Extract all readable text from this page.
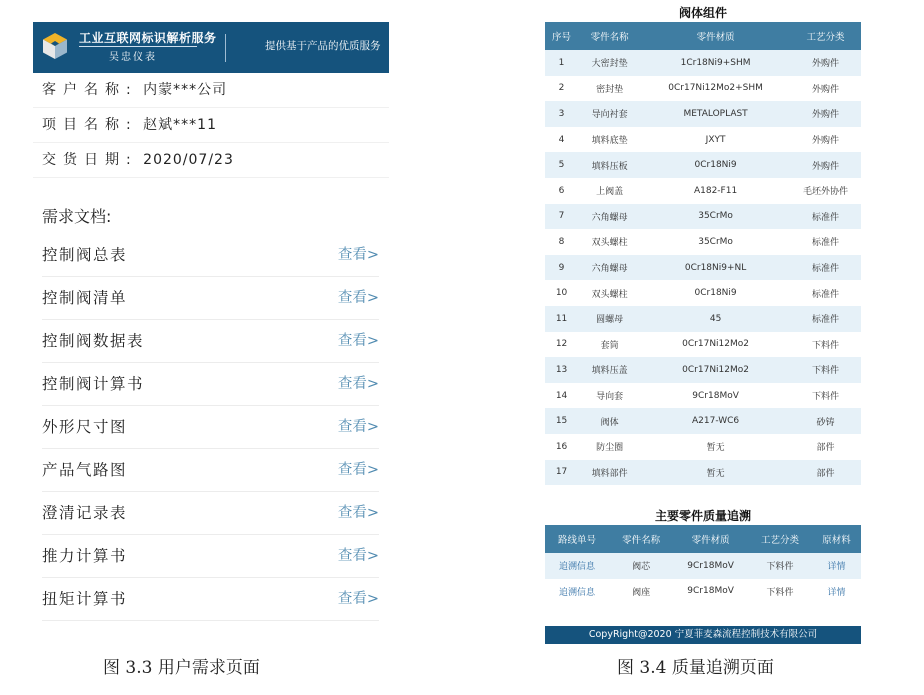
工业互联网标识解析服务
吴忠仪表
提供基于产品的优质服务
客户名称: 内蒙***公司
项目名称: 赵斌***11
交货日期: 2020/07/23
需求文档:
控制阀总表	查看>
控制阀清单	查看>
控制阀数据表	查看>
控制阀计算书	查看>
外形尺寸图	查看>
产品气路图	查看>
澄清记录表	查看>
推力计算书	查看>
扭矩计算书	查看>
图 3.3 用户需求页面
阀体组件
序号	零件名称	零件材质	工艺分类
1	大密封垫	1Cr18Ni9+SHM	外购件
2	密封垫	0Cr17Ni12Mo2+SHM	外购件
3	导向衬套	METALOPLAST	外购件
4	填料底垫	JXYT	外购件
5	填料压板	0Cr18Ni9	外购件
6	上阀盖	A182-F11	毛坯外协件
7	六角螺母	35CrMo	标准件
8	双头螺柱	35CrMo	标准件
9	六角螺母	0Cr18Ni9+NL	标准件
10	双头螺柱	0Cr18Ni9	标准件
11	圆螺母	45	标准件
12	套筒	0Cr17Ni12Mo2	下料件
13	填料压盖	0Cr17Ni12Mo2	下料件
14	导向套	9Cr18MoV	下料件
15	阀体	A217-WC6	砂铸
16	防尘圈	暂无	部件
17	填料部件	暂无	部件
主要零件质量追溯
路线单号	零件名称	零件材质	工艺分类	原材料
追溯信息	阀芯	9Cr18MoV	下料件	详情
追溯信息	阀座	9Cr18MoV	下料件	详情
CopyRight@2020 宁夏菲麦森流程控制技术有限公司
图 3.4 质量追溯页面
